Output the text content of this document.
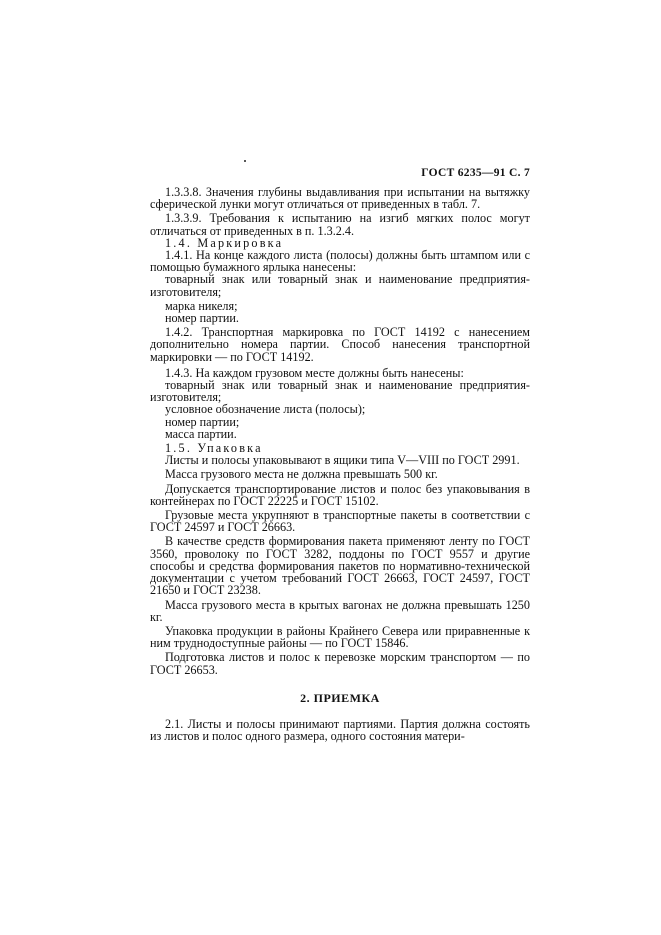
ГОСТ 6235—91 С. 7

1.3.3.8. Значения глубины выдавливания при испытании на вытяжку сферической лунки могут отличаться от приведенных в табл. 7.

1.3.3.9. Требования к испытанию на изгиб мягких полос могут отличаться от приведенных в п. 1.3.2.4.

1.4. Маркировка

1.4.1. На конце каждого листа (полосы) должны быть штампом или с помощью бумажного ярлыка нанесены:

товарный знак или товарный знак и наименование предприятия-изготовителя;

марка никеля;

номер партии.

1.4.2. Транспортная маркировка по ГОСТ 14192 с нанесением дополнительно номера партии. Способ нанесения транспортной маркировки — по ГОСТ 14192.

1.4.3. На каждом грузовом месте должны быть нанесены:

товарный знак или товарный знак и наименование предприятия-изготовителя;

условное обозначение листа (полосы);

номер партии;

масса партии.

1.5. Упаковка

Листы и полосы упаковывают в ящики типа V—VIII по ГОСТ 2991.

Масса грузового места не должна превышать 500 кг.

Допускается транспортирование листов и полос без упаковывания в контейнерах по ГОСТ 22225 и ГОСТ 15102.

Грузовые места укрупняют в транспортные пакеты в соответствии с ГОСТ 24597 и ГОСТ 26663.

В качестве средств формирования пакета применяют ленту по ГОСТ 3560, проволоку по ГОСТ 3282, поддоны по ГОСТ 9557 и другие способы и средства формирования пакетов по нормативно-технической документации с учетом требований ГОСТ 26663, ГОСТ 24597, ГОСТ 21650 и ГОСТ 23238.

Масса грузового места в крытых вагонах не должна превышать 1250 кг.

Упаковка продукции в районы Крайнего Севера или приравненные к ним труднодоступные районы — по ГОСТ 15846.

Подготовка листов и полос к перевозке морским транспортом — по ГОСТ 26653.

2. ПРИЕМКА

2.1. Листы и полосы принимают партиями. Партия должна состоять из листов и полос одного размера, одного состояния матери-
